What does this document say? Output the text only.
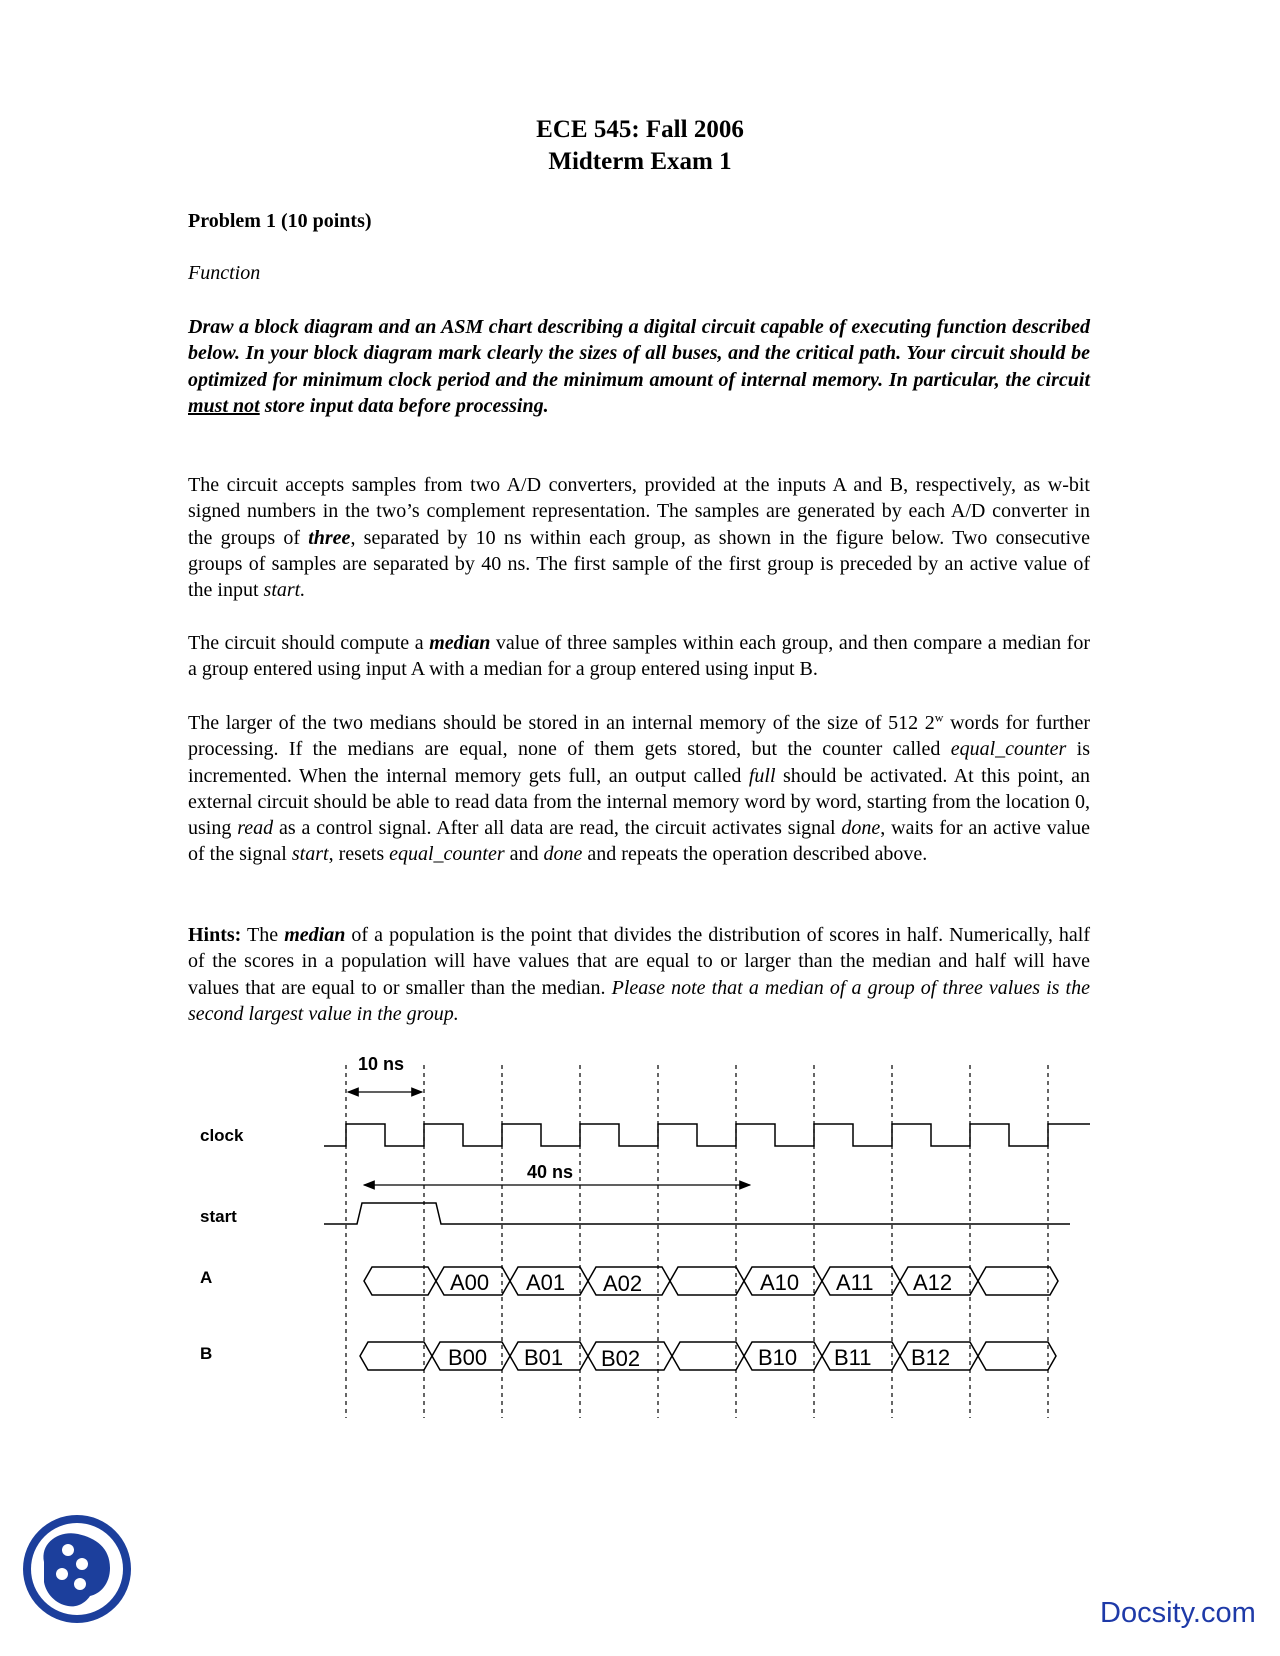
ECE 545: Fall 2006
Midterm Exam 1
Problem 1 (10 points)
Function

Draw a block diagram and an ASM chart describing a digital circuit capable of executing function described below. In your block diagram mark clearly the sizes of all buses, and the critical path. Your circuit should be optimized for minimum clock period and the minimum amount of internal memory. In particular, the circuit must not store input data before processing.

The circuit accepts samples from two A/D converters, provided at the inputs A and B, respectively, as w-bit signed numbers in the two’s complement representation. The samples are generated by each A/D converter in the groups of three, separated by 10 ns within each group, as shown in the figure below. Two consecutive groups of samples are separated by 40 ns. The first sample of the first group is preceded by an active value of the input start.

The circuit should compute a median value of three samples within each group, and then compare a median for a group entered using input A with a median for a group entered using input B.

The larger of the two medians should be stored in an internal memory of the size of 512 2$^w$ words for further processing. If the medians are equal, none of them gets stored, but the counter called equal_counter is incremented. When the internal memory gets full, an output called full should be activated. At this point, an external circuit should be able to read data from the internal memory word by word, starting from the location 0, using read as a control signal. After all data are read, the circuit activates signal done, waits for an active value of the signal start, resets equal_counter and done and repeats the operation described above.

Hints: The median of a population is the point that divides the distribution of scores in half. Numerically, half of the scores in a population will have values that are equal to or larger than the median and half will have values that are equal to or smaller than the median. Please note that a median of a group of three values is the second largest value in the group.

10 ns
clock
start
A
B
40 ns
A00 A01 A02	A10 A11 A12
B00 B01 B02	B10 B11 B12
Docsity.com
